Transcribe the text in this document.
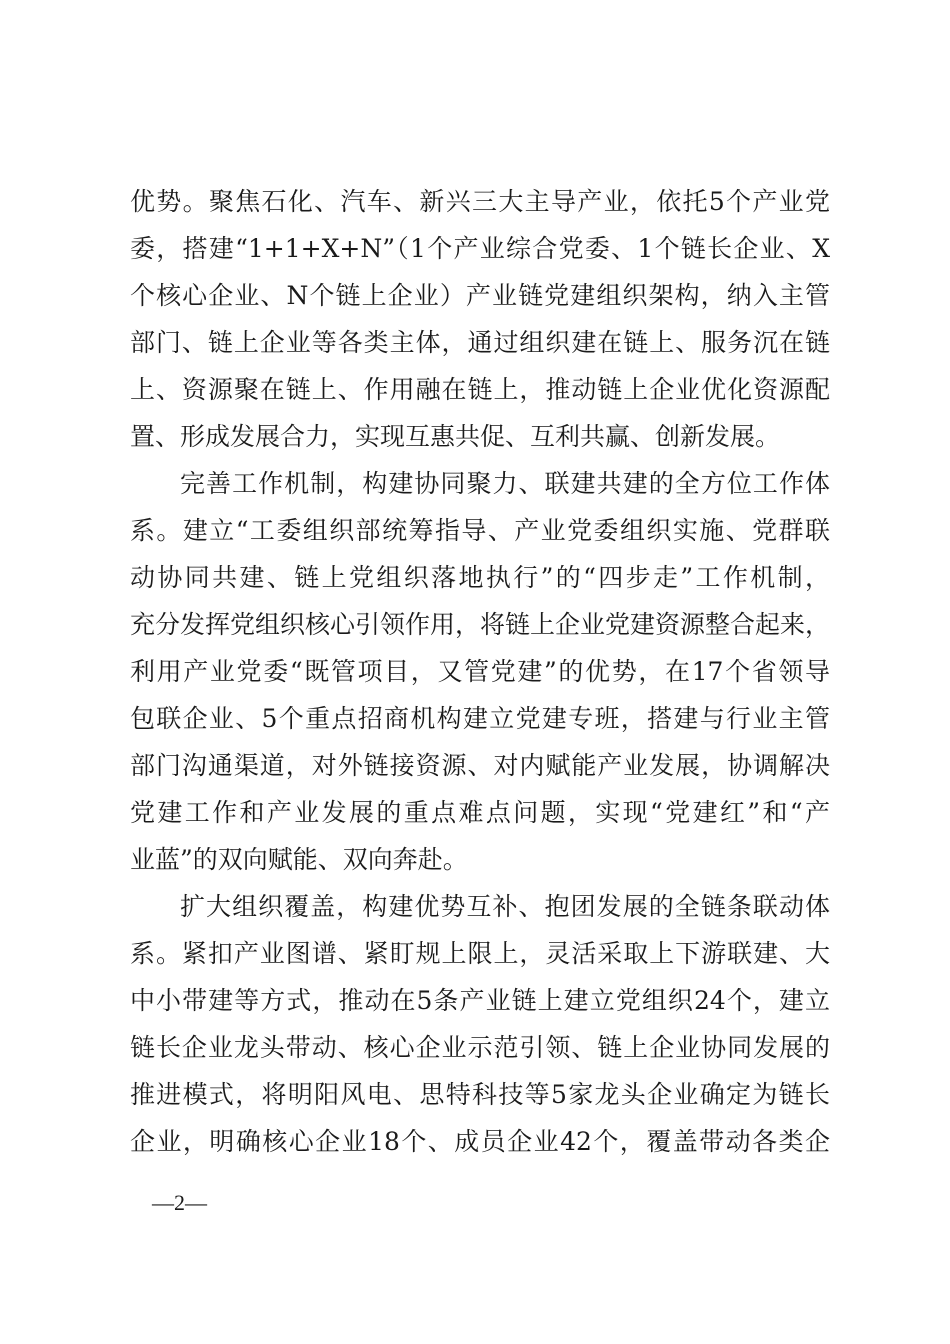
优势。聚焦石化、汽车、新兴三大主导产业，依托5个产业党
委，搭建“1+1+X+N”（1个产业综合党委、1个链长企业、X
个核心企业、N个链上企业）产业链党建组织架构，纳入主管
部门、链上企业等各类主体，通过组织建在链上、服务沉在链
上、资源聚在链上、作用融在链上，推动链上企业优化资源配
置、形成发展合力，实现互惠共促、互利共赢、创新发展。
完善工作机制，构建协同聚力、联建共建的全方位工作体
系。建立“工委组织部统筹指导、产业党委组织实施、党群联
动协同共建、链上党组织落地执行”的“四步走”工作机制，
充分发挥党组织核心引领作用，将链上企业党建资源整合起来，
利用产业党委“既管项目，又管党建”的优势，在17个省领导
包联企业、5个重点招商机构建立党建专班，搭建与行业主管
部门沟通渠道，对外链接资源、对内赋能产业发展，协调解决
党建工作和产业发展的重点难点问题，实现“党建红”和“产
业蓝”的双向赋能、双向奔赴。
扩大组织覆盖，构建优势互补、抱团发展的全链条联动体
系。紧扣产业图谱、紧盯规上限上，灵活采取上下游联建、大
中小带建等方式，推动在5条产业链上建立党组织24个，建立
链长企业龙头带动、核心企业示范引领、链上企业协同发展的
推进模式，将明阳风电、思特科技等5家龙头企业确定为链长
企业，明确核心企业18个、成员企业42个，覆盖带动各类企
—2—
